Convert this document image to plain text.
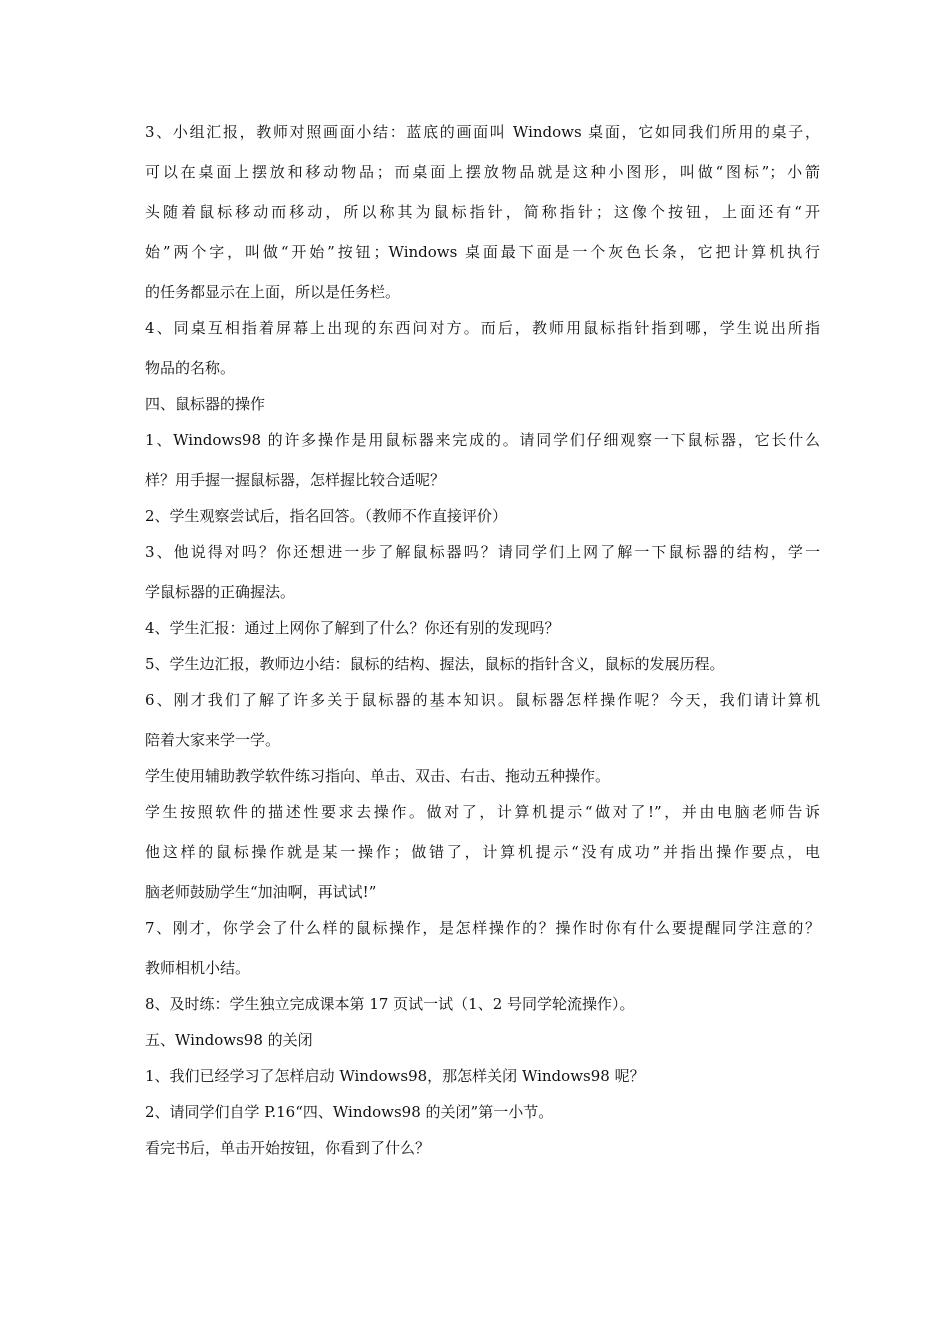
3、小组汇报，教师对照画面小结：蓝底的画面叫 Windows 桌面，它如同我们所用的桌子，
可以在桌面上摆放和移动物品；而桌面上摆放物品就是这种小图形，叫做“图标”；小箭
头随着鼠标移动而移动，所以称其为鼠标指针，简称指针；这像个按钮，上面还有“开
始”两个字，叫做“开始”按钮；Windows 桌面最下面是一个灰色长条，它把计算机执行
的任务都显示在上面，所以是任务栏。
4、同桌互相指着屏幕上出现的东西问对方。而后，教师用鼠标指针指到哪，学生说出所指
物品的名称。
四、鼠标器的操作
1、Windows98 的许多操作是用鼠标器来完成的。请同学们仔细观察一下鼠标器，它长什么
样？用手握一握鼠标器，怎样握比较合适呢？
2、学生观察尝试后，指名回答。（教师不作直接评价）
3、他说得对吗？你还想进一步了解鼠标器吗？请同学们上网了解一下鼠标器的结构，学一
学鼠标器的正确握法。
4、学生汇报：通过上网你了解到了什么？你还有别的发现吗？
5、学生边汇报，教师边小结：鼠标的结构、握法，鼠标的指针含义，鼠标的发展历程。
6、刚才我们了解了许多关于鼠标器的基本知识。鼠标器怎样操作呢？今天，我们请计算机
陪着大家来学一学。
学生使用辅助教学软件练习指向、单击、双击、右击、拖动五种操作。
学生按照软件的描述性要求去操作。做对了，计算机提示“做对了!”，并由电脑老师告诉
他这样的鼠标操作就是某一操作；做错了，计算机提示“没有成功”并指出操作要点，电
脑老师鼓励学生“加油啊，再试试!”
7、刚才，你学会了什么样的鼠标操作，是怎样操作的？操作时你有什么要提醒同学注意的？
教师相机小结。
8、及时练：学生独立完成课本第 17 页试一试（1、2 号同学轮流操作）。
五、Windows98 的关闭
1、我们已经学习了怎样启动 Windows98，那怎样关闭 Windows98 呢？
2、请同学们自学 P.16“四、Windows98 的关闭”第一小节。
看完书后，单击开始按钮，你看到了什么？
